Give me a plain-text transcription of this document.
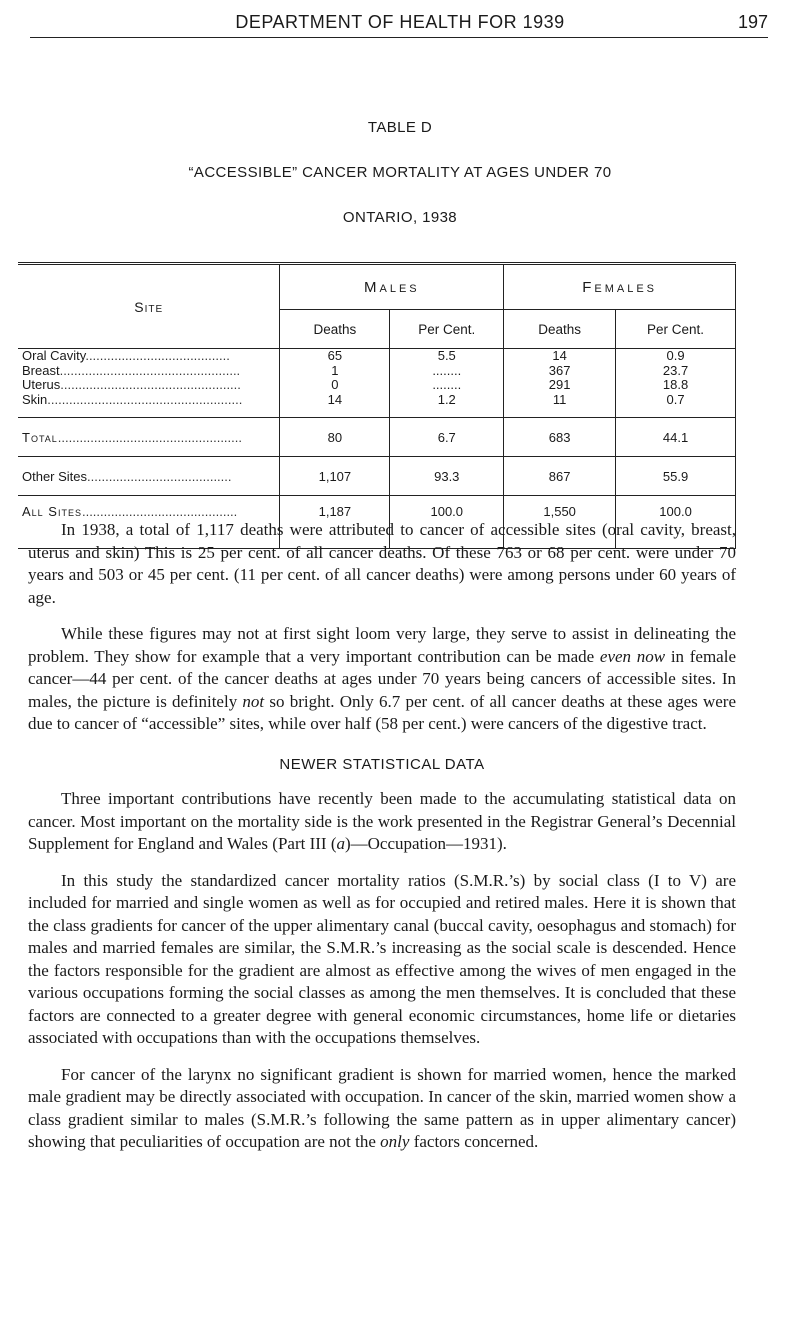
DEPARTMENT OF HEALTH FOR 1939	197
TABLE D
“ACCESSIBLE” CANCER MORTALITY AT AGES UNDER 70
ONTARIO, 1938
Site	Males		Females	
	Deaths	Per Cent.	Deaths	Per Cent.
Oral Cavity........................................	65	5.5	14	0.9
Breast..................................................	1	........	367	23.7
Uterus..................................................	0	........	291	18.8
Skin......................................................	14	1.2	11	0.7
Total...................................................	80	6.7	683	44.1
Other Sites........................................	1,107	93.3	867	55.9
All Sites...........................................	1,187	100.0	1,550	100.0

In 1938, a total of 1,117 deaths were attributed to cancer of accessible sites (oral cavity, breast, uterus and skin) This is 25 per cent. of all cancer deaths. Of these 763 or 68 per cent. were under 70 years and 503 or 45 per cent. (11 per cent. of all cancer deaths) were among persons under 60 years of age.

While these figures may not at first sight loom very large, they serve to assist in delineating the problem. They show for example that a very important contribution can be made even now in female cancer—44 per cent. of the cancer deaths at ages under 70 years being cancers of accessible sites. In males, the picture is definitely not so bright. Only 6.7 per cent. of all cancer deaths at these ages were due to cancer of “accessible” sites, while over half (58 per cent.) were cancers of the digestive tract.

NEWER STATISTICAL DATA

Three important contributions have recently been made to the accumulating statistical data on cancer. Most important on the mortality side is the work presented in the Registrar General’s Decennial Supplement for England and Wales (Part III (a)—Occupation—1931).

In this study the standardized cancer mortality ratios (S.M.R.’s) by social class (I to V) are included for married and single women as well as for occupied and retired males. Here it is shown that the class gradients for cancer of the upper alimentary canal (buccal cavity, oesophagus and stomach) for males and married females are similar, the S.M.R.’s increasing as the social scale is descended. Hence the factors responsible for the gradient are almost as effective among the wives of men engaged in the various occupations forming the social classes as among the men themselves. It is concluded that these factors are connected to a greater degree with general economic circumstances, home life or dietaries associated with occupations than with the occupations themselves.

For cancer of the larynx no significant gradient is shown for married women, hence the marked male gradient may be directly associated with occupation. In cancer of the skin, married women show a class gradient similar to males (S.M.R.’s following the same pattern as in upper alimentary cancer) showing that peculiarities of occupation are not the only factors concerned.
